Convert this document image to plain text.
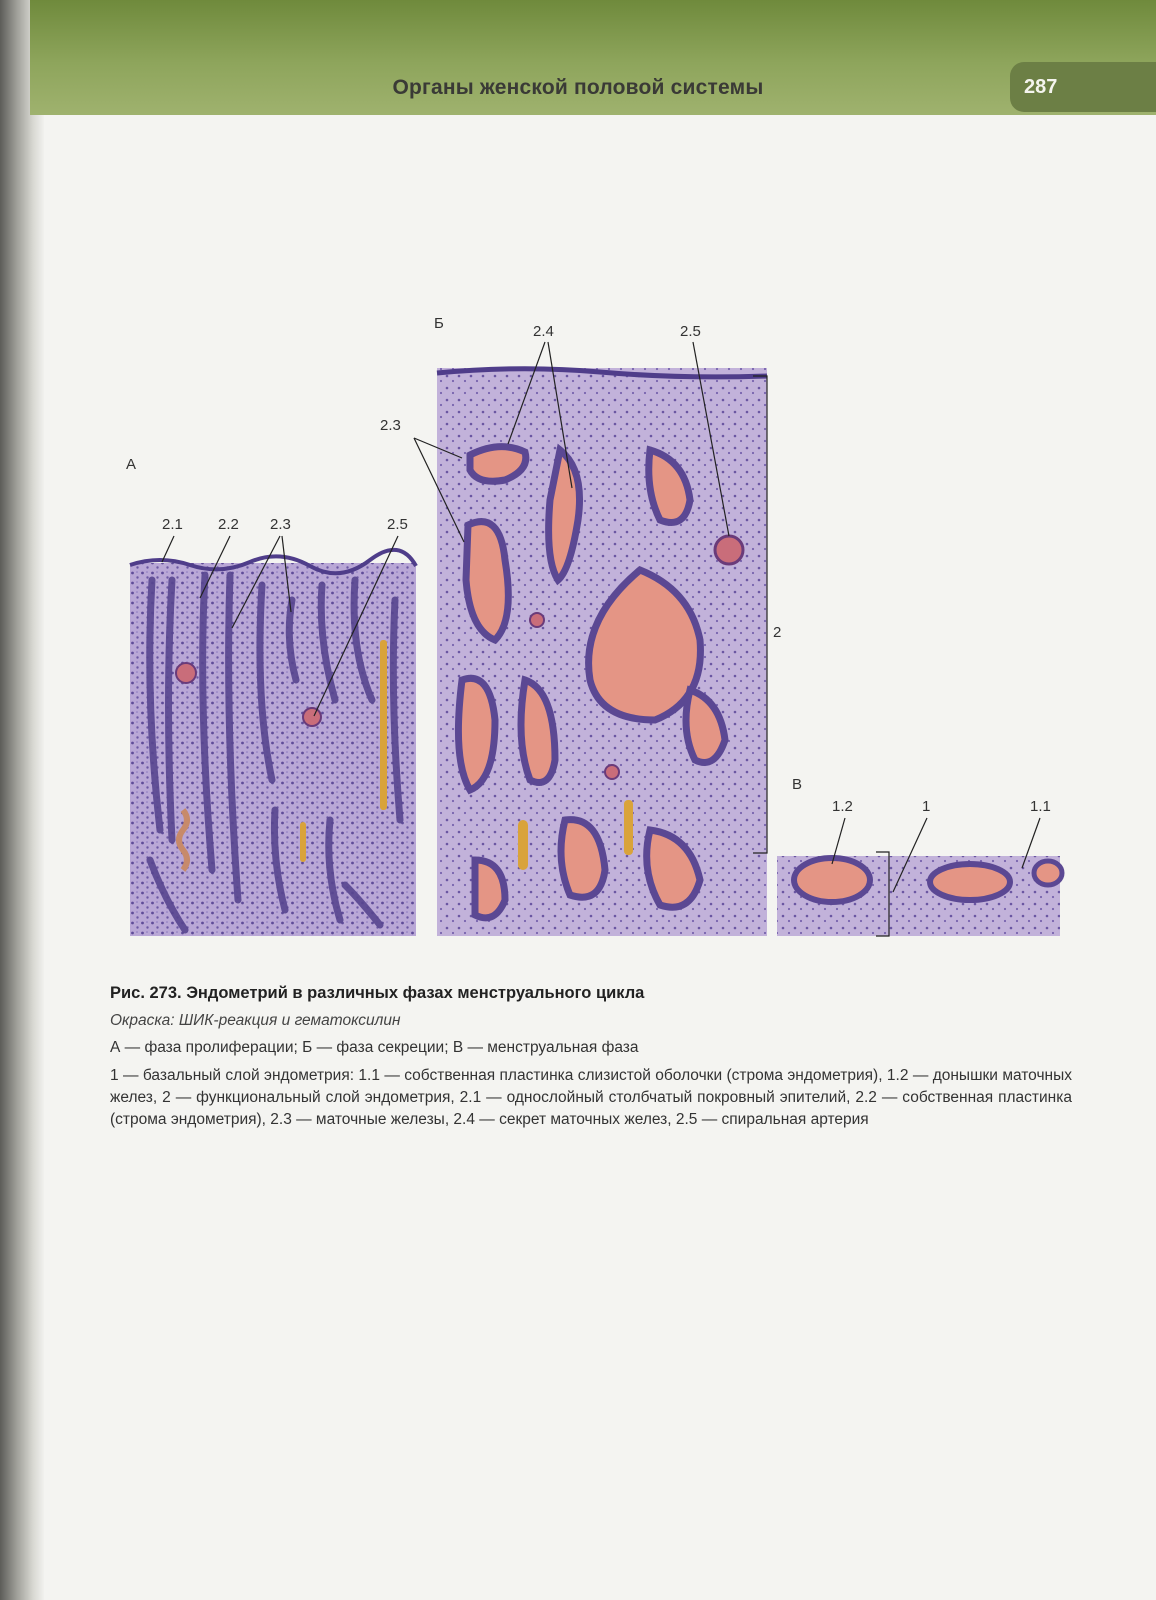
Органы женской половой системы	287
А
Б
В
2.1 2.2 2.3	2.5
2.4	2.5
2.3
2
1.2	1	1.1
Рис. 273. Эндометрий в различных фазах менструального цикла
Окраска: ШИК-реакция и гематоксилин
А — фаза пролиферации; Б — фаза секреции; В — менструальная фаза
1 — базальный слой эндометрия: 1.1 — собственная пластинка слизистой оболочки (строма эндометрия), 1.2 — донышки маточных желез, 2 — функциональный слой эндометрия, 2.1 — однослойный столбчатый покровный эпителий, 2.2 — собственная пластинка (строма эндометрия), 2.3 — маточные железы, 2.4 — секрет маточных желез, 2.5 — спиральная артерия
